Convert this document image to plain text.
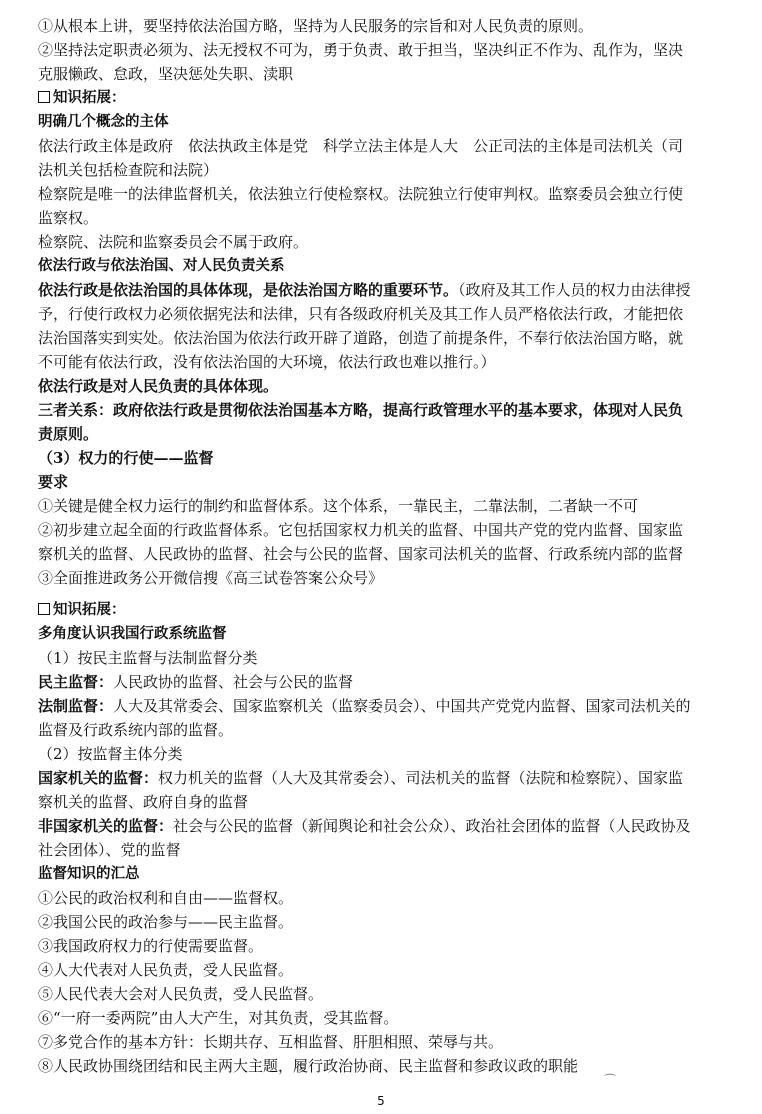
①从根本上讲，要坚持依法治国方略，坚持为人民服务的宗旨和对人民负责的原则。
②坚持法定职责必须为、法无授权不可为，勇于负责、敢于担当，坚决纠正不作为、乱作为，坚决
克服懒政、怠政，坚决惩处失职、渎职
知识拓展：
明确几个概念的主体
依法行政主体是政府　依法执政主体是党　科学立法主体是人大　公正司法的主体是司法机关（司
法机关包括检查院和法院）
检察院是唯一的法律监督机关，依法独立行使检察权。法院独立行使审判权。监察委员会独立行使
监察权。
检察院、法院和监察委员会不属于政府。
依法行政与依法治国、对人民负责关系
依法行政是依法治国的具体体现，是依法治国方略的重要环节。（政府及其工作人员的权力由法律授
予，行使行政权力必须依据宪法和法律，只有各级政府机关及其工作人员严格依法行政，才能把依
法治国落实到实处。依法治国为依法行政开辟了道路，创造了前提条件，不奉行依法治国方略，就
不可能有依法行政，没有依法治国的大环境，依法行政也难以推行。）
依法行政是对人民负责的具体体现。
三者关系：政府依法行政是贯彻依法治国基本方略，提高行政管理水平的基本要求，体现对人民负
责原则。
（3）权力的行使——监督
要求
①关键是健全权力运行的制约和监督体系。这个体系，一靠民主，二靠法制，二者缺一不可
②初步建立起全面的行政监督体系。它包括国家权力机关的监督、中国共产党的党内监督、国家监
察机关的监督、人民政协的监督、社会与公民的监督、国家司法机关的监督、行政系统内部的监督
③全面推进政务公开微信搜《高三试卷答案公众号》
知识拓展：
多角度认识我国行政系统监督
（1）按民主监督与法制监督分类
民主监督：人民政协的监督、社会与公民的监督
法制监督：人大及其常委会、国家监察机关（监察委员会）、中国共产党党内监督、国家司法机关的
监督及行政系统内部的监督。
（2）按监督主体分类
国家机关的监督：权力机关的监督（人大及其常委会）、司法机关的监督（法院和检察院）、国家监
察机关的监督、政府自身的监督
非国家机关的监督：社会与公民的监督（新闻舆论和社会公众）、政治社会团体的监督（人民政协及
社会团体）、党的监督
监督知识的汇总
①公民的政治权利和自由——监督权。
②我国公民的政治参与——民主监督。
③我国政府权力的行使需要监督。
④人大代表对人民负责，受人民监督。
⑤人民代表大会对人民负责，受人民监督。
⑥“一府一委两院”由人大产生，对其负责，受其监督。
⑦多党合作的基本方针：长期共存、互相监督、肝胆相照、荣辱与共。
⑧人民政协围绕团结和民主两大主题，履行政治协商、民主监督和参政议政的职能
⌒
5
